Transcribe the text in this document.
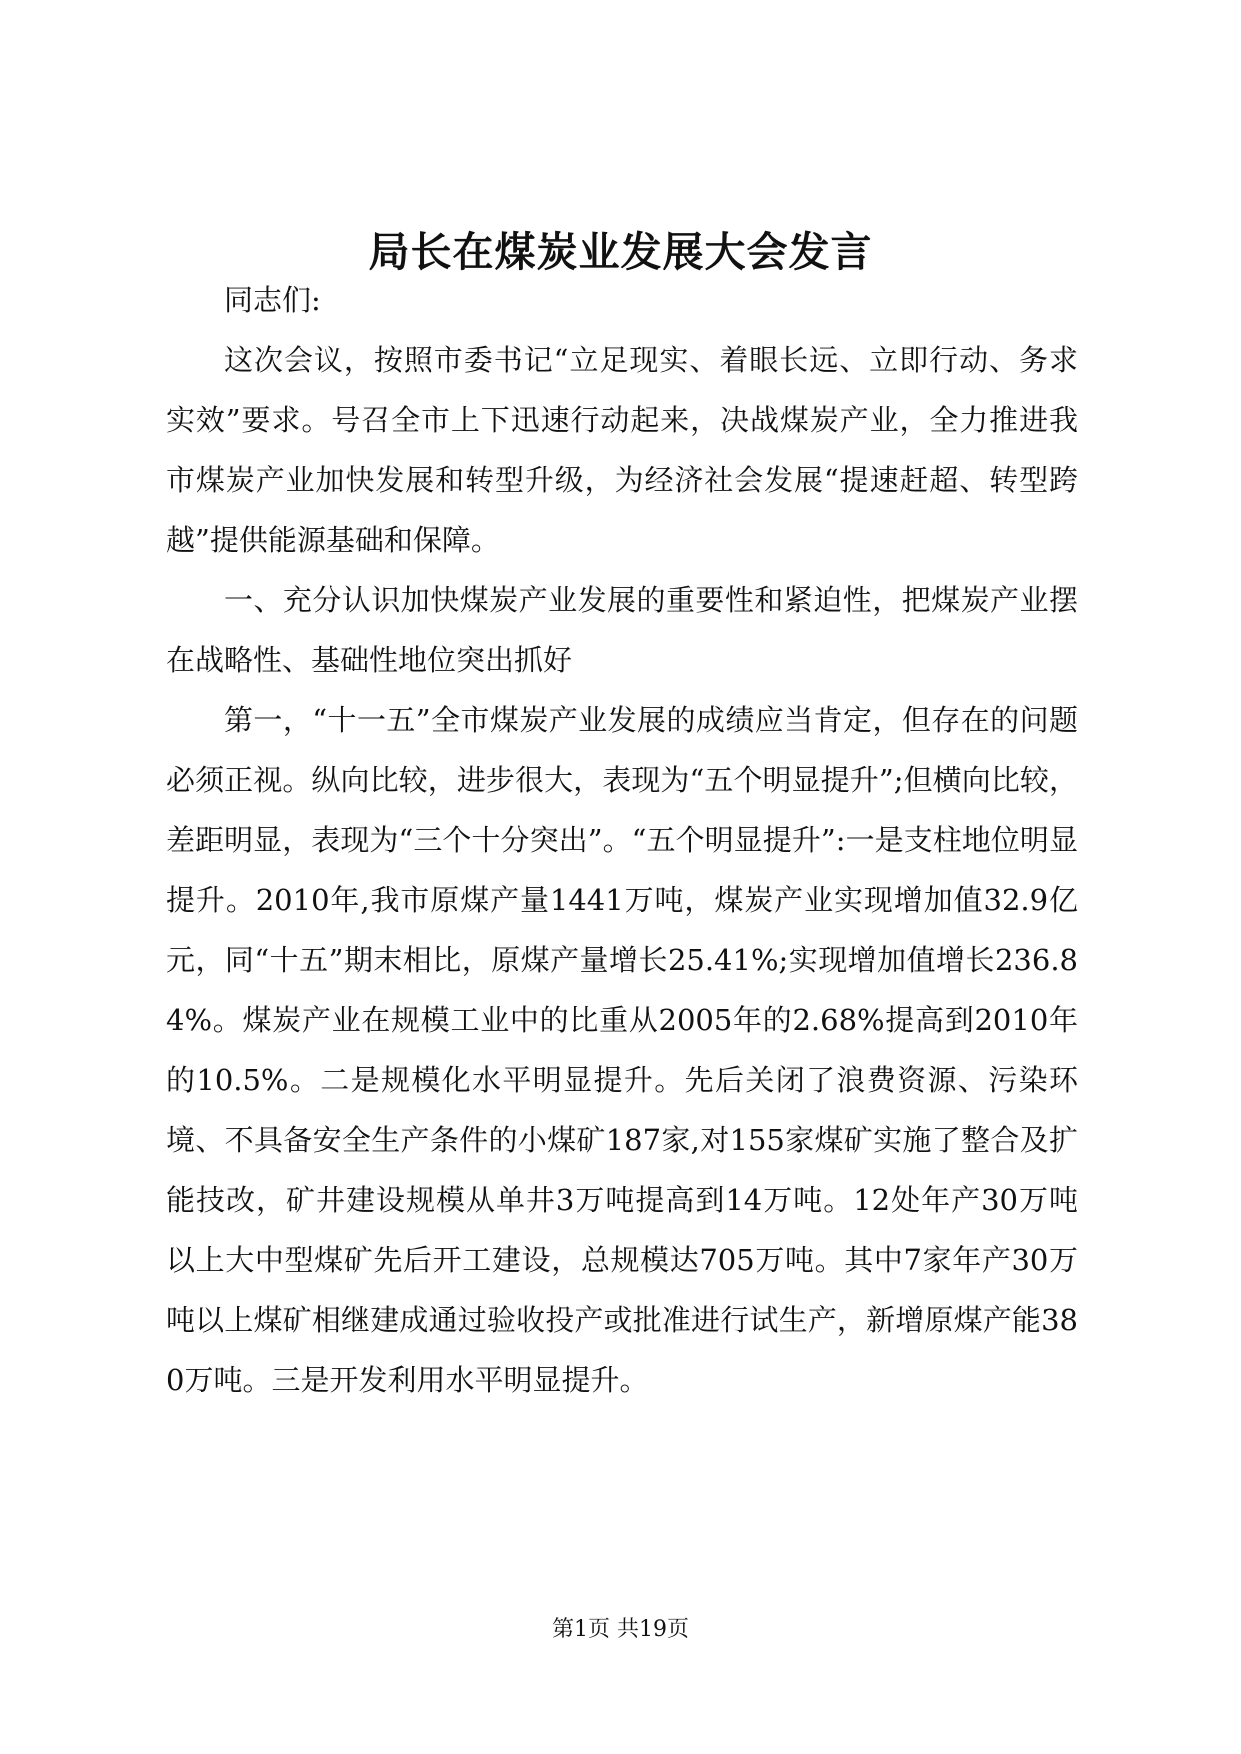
局长在煤炭业发展大会发言

同志们:

这次会议，按照市委书记“立足现实、着眼长远、立即行动、务求实效”要求。号召全市上下迅速行动起来，决战煤炭产业，全力推进我市煤炭产业加快发展和转型升级，为经济社会发展“提速赶超、转型跨越”提供能源基础和保障。

一、充分认识加快煤炭产业发展的重要性和紧迫性，把煤炭产业摆在战略性、基础性地位突出抓好

第一，“十一五”全市煤炭产业发展的成绩应当肯定，但存在的问题必须正视。纵向比较，进步很大，表现为“五个明显提升”;但横向比较，差距明显，表现为“三个十分突出”。“五个明显提升”:一是支柱地位明显提升。2010年,我市原煤产量1441万吨，煤炭产业实现增加值32.9亿元，同“十五”期末相比，原煤产量增长25.41%;实现增加值增长236.84%。煤炭产业在规模工业中的比重从2005年的2.68%提高到2010年的10.5%。二是规模化水平明显提升。先后关闭了浪费资源、污染环境、不具备安全生产条件的小煤矿187家,对155家煤矿实施了整合及扩能技改，矿井建设规模从单井3万吨提高到14万吨。12处年产30万吨以上大中型煤矿先后开工建设，总规模达705万吨。其中7家年产30万吨以上煤矿相继建成通过验收投产或批准进行试生产，新增原煤产能380万吨。三是开发利用水平明显提升。

第1页 共19页
